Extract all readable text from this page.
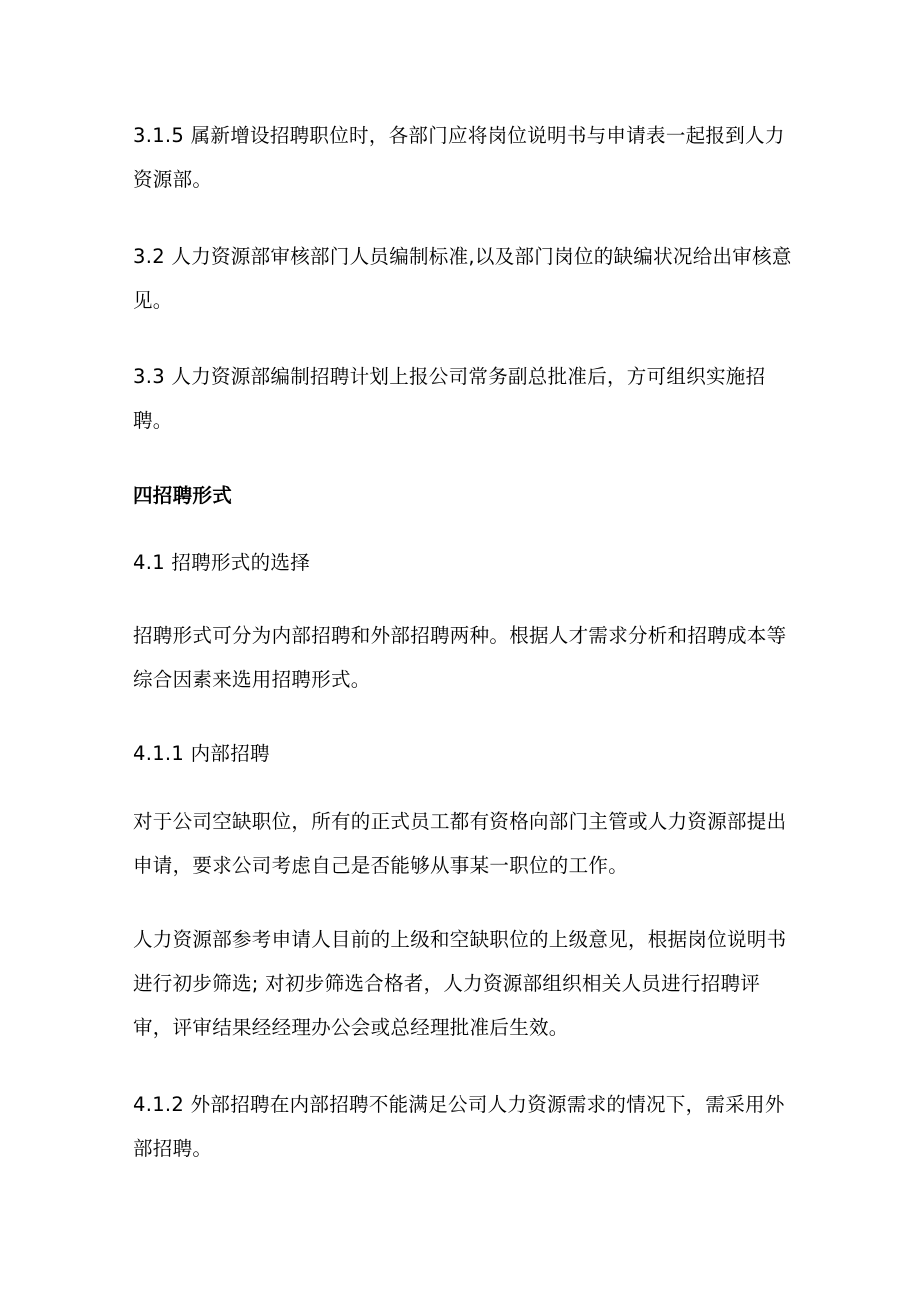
3.1.5 属新增设招聘职位时，各部门应将岗位说明书与申请表一起报到人力资源部。

3.2 人力资源部审核部门人员编制标准,以及部门岗位的缺编状况给出审核意见。

3.3 人力资源部编制招聘计划上报公司常务副总批准后，方可组织实施招聘。

四招聘形式

4.1 招聘形式的选择

招聘形式可分为内部招聘和外部招聘两种。根据人才需求分析和招聘成本等综合因素来选用招聘形式。

4.1.1 内部招聘

对于公司空缺职位，所有的正式员工都有资格向部门主管或人力资源部提出申请，要求公司考虑自己是否能够从事某一职位的工作。

人力资源部参考申请人目前的上级和空缺职位的上级意见，根据岗位说明书进行初步筛选; 对初步筛选合格者，人力资源部组织相关人员进行招聘评审，评审结果经经理办公会或总经理批准后生效。

4.1.2 外部招聘在内部招聘不能满足公司人力资源需求的情况下，需采用外部招聘。
